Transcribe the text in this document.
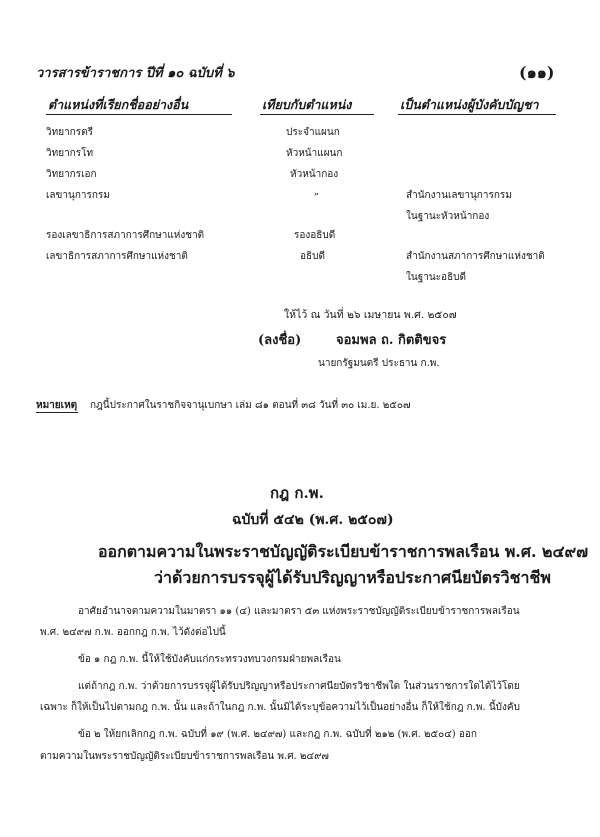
วารสารข้าราชการ ปีที่ ๑๐ ฉบับที่ ๖	(๑๑)
ตำแหน่งที่เรียกชื่ออย่างอื่น	เทียบกับตำแหน่ง	เป็นตำแหน่งผู้บังคับบัญชา
วิทยากรตรี	ประจำแผนก
วิทยากรโท	หัวหน้าแผนก
วิทยากรเอก	หัวหน้ากอง
เลขานุการกรม	„	สำนักงานเลขานุการกรม
ในฐานะหัวหน้ากอง
รองเลขาธิการสภาการศึกษาแห่งชาติ	รองอธิบดี
เลขาธิการสภาการศึกษาแห่งชาติ	อธิบดี	สำนักงานสภาการศึกษาแห่งชาติ
ในฐานะอธิบดี
ให้ไว้ ณ วันที่ ๒๖ เมษายน พ.ศ. ๒๕๐๗
(ลงชื่อ)	จอมพล ถ. กิตติขจร
นายกรัฐมนตรี ประธาน ก.พ.
หมายเหตุ กฎนี้ประกาศในราชกิจจานุเบกษา เล่ม ๘๑ ตอนที่ ๓๘ วันที่ ๓๐ เม.ย. ๒๕๐๗
กฎ ก.พ.
ฉบับที่ ๕๔๒ (พ.ศ. ๒๕๐๗)
ออกตามความในพระราชบัญญัติระเบียบข้าราชการพลเรือน พ.ศ. ๒๔๙๗
ว่าด้วยการบรรจุผู้ได้รับปริญญาหรือประกาศนียบัตรวิชาชีพ
อาศัยอำนาจตามความในมาตรา ๑๑ (๔) และมาตรา ๕๓ แห่งพระราชบัญญัติระเบียบข้าราชการพลเรือน
พ.ศ. ๒๔๙๗ ก.พ. ออกกฎ ก.พ. ไว้ดังต่อไปนี้
ข้อ ๑ กฎ ก.พ. นี้ให้ใช้บังคับแก่กระทรวงทบวงกรมฝ่ายพลเรือน
แต่ถ้ากฎ ก.พ. ว่าด้วยการบรรจุผู้ได้รับปริญญาหรือประกาศนียบัตรวิชาชีพใด ในส่วนราชการใดได้ไว้โดย
เฉพาะ ก็ให้เป็นไปตามกฎ ก.พ. นั้น และถ้าในกฎ ก.พ. นั้นมิได้ระบุข้อความไว้เป็นอย่างอื่น ก็ให้ใช้กฎ ก.พ. นี้บังคับ
ข้อ ๒ ให้ยกเลิกกฎ ก.พ. ฉบับที่ ๑๙ (พ.ศ. ๒๔๙๗) และกฎ ก.พ. ฉบับที่ ๒๑๒ (พ.ศ. ๒๕๐๔) ออก
ตามความในพระราชบัญญัติระเบียบข้าราชการพลเรือน พ.ศ. ๒๔๙๗
